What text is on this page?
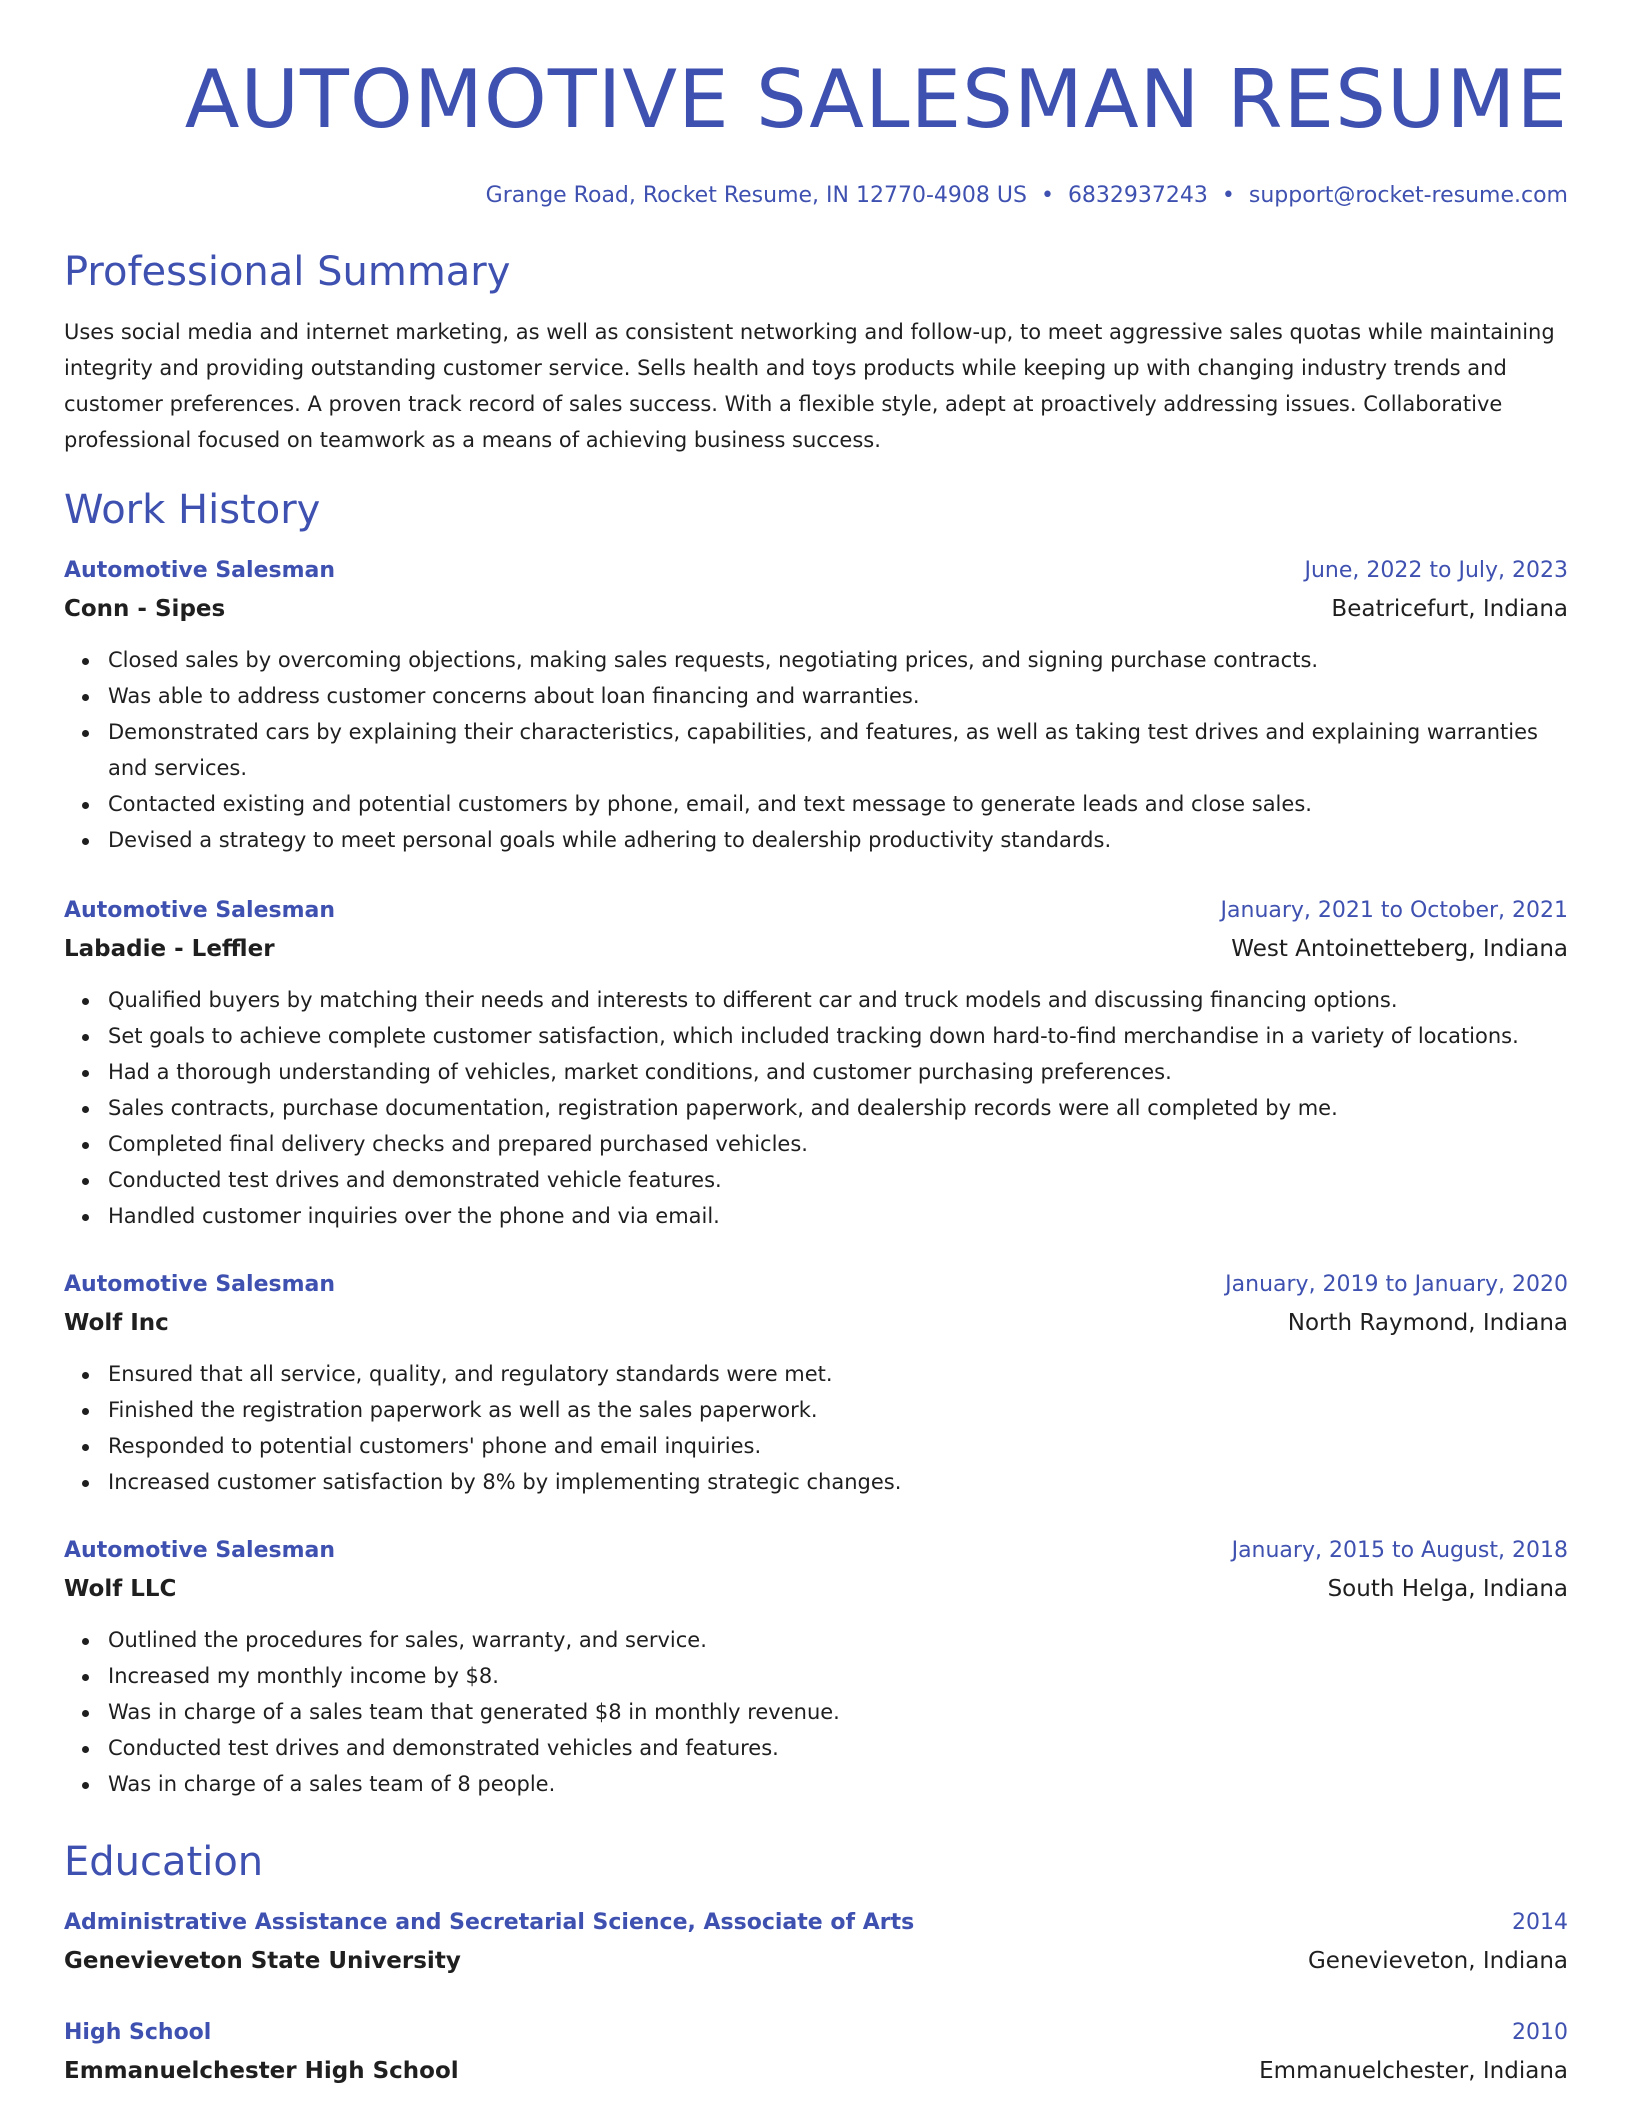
AUTOMOTIVE SALESMAN RESUME
Grange Road, Rocket Resume, IN 12770-4908 US • 6832937243 • support@rocket-resume.com
Professional Summary

Uses social media and internet marketing, as well as consistent networking and follow-up, to meet aggressive sales quotas while maintaining integrity and providing outstanding customer service. Sells health and toys products while keeping up with changing industry trends and customer preferences. A proven track record of sales success. With a flexible style, adept at proactively addressing issues. Collaborative professional focused on teamwork as a means of achieving business success.

Work History
Automotive Salesman	June, 2022 to July, 2023
Conn - Sipes	Beatricefurt, Indiana
Closed sales by overcoming objections, making sales requests, negotiating prices, and signing purchase contracts.
Was able to address customer concerns about loan financing and warranties.
Demonstrated cars by explaining their characteristics, capabilities, and features, as well as taking test drives and explaining warranties and services.
Contacted existing and potential customers by phone, email, and text message to generate leads and close sales.
Devised a strategy to meet personal goals while adhering to dealership productivity standards.
Automotive Salesman	January, 2021 to October, 2021
Labadie - Leffler	West Antoinetteberg, Indiana
Qualified buyers by matching their needs and interests to different car and truck models and discussing financing options.
Set goals to achieve complete customer satisfaction, which included tracking down hard-to-find merchandise in a variety of locations.
Had a thorough understanding of vehicles, market conditions, and customer purchasing preferences.
Sales contracts, purchase documentation, registration paperwork, and dealership records were all completed by me.
Completed final delivery checks and prepared purchased vehicles.
Conducted test drives and demonstrated vehicle features.
Handled customer inquiries over the phone and via email.
Automotive Salesman	January, 2019 to January, 2020
Wolf Inc	North Raymond, Indiana
Ensured that all service, quality, and regulatory standards were met.
Finished the registration paperwork as well as the sales paperwork.
Responded to potential customers' phone and email inquiries.
Increased customer satisfaction by 8% by implementing strategic changes.
Automotive Salesman	January, 2015 to August, 2018
Wolf LLC	South Helga, Indiana
Outlined the procedures for sales, warranty, and service.
Increased my monthly income by $8.
Was in charge of a sales team that generated $8 in monthly revenue.
Conducted test drives and demonstrated vehicles and features.
Was in charge of a sales team of 8 people.
Education
Administrative Assistance and Secretarial Science, Associate of Arts	2014
Genevieveton State University	Genevieveton, Indiana
High School	2010
Emmanuelchester High School	Emmanuelchester, Indiana
